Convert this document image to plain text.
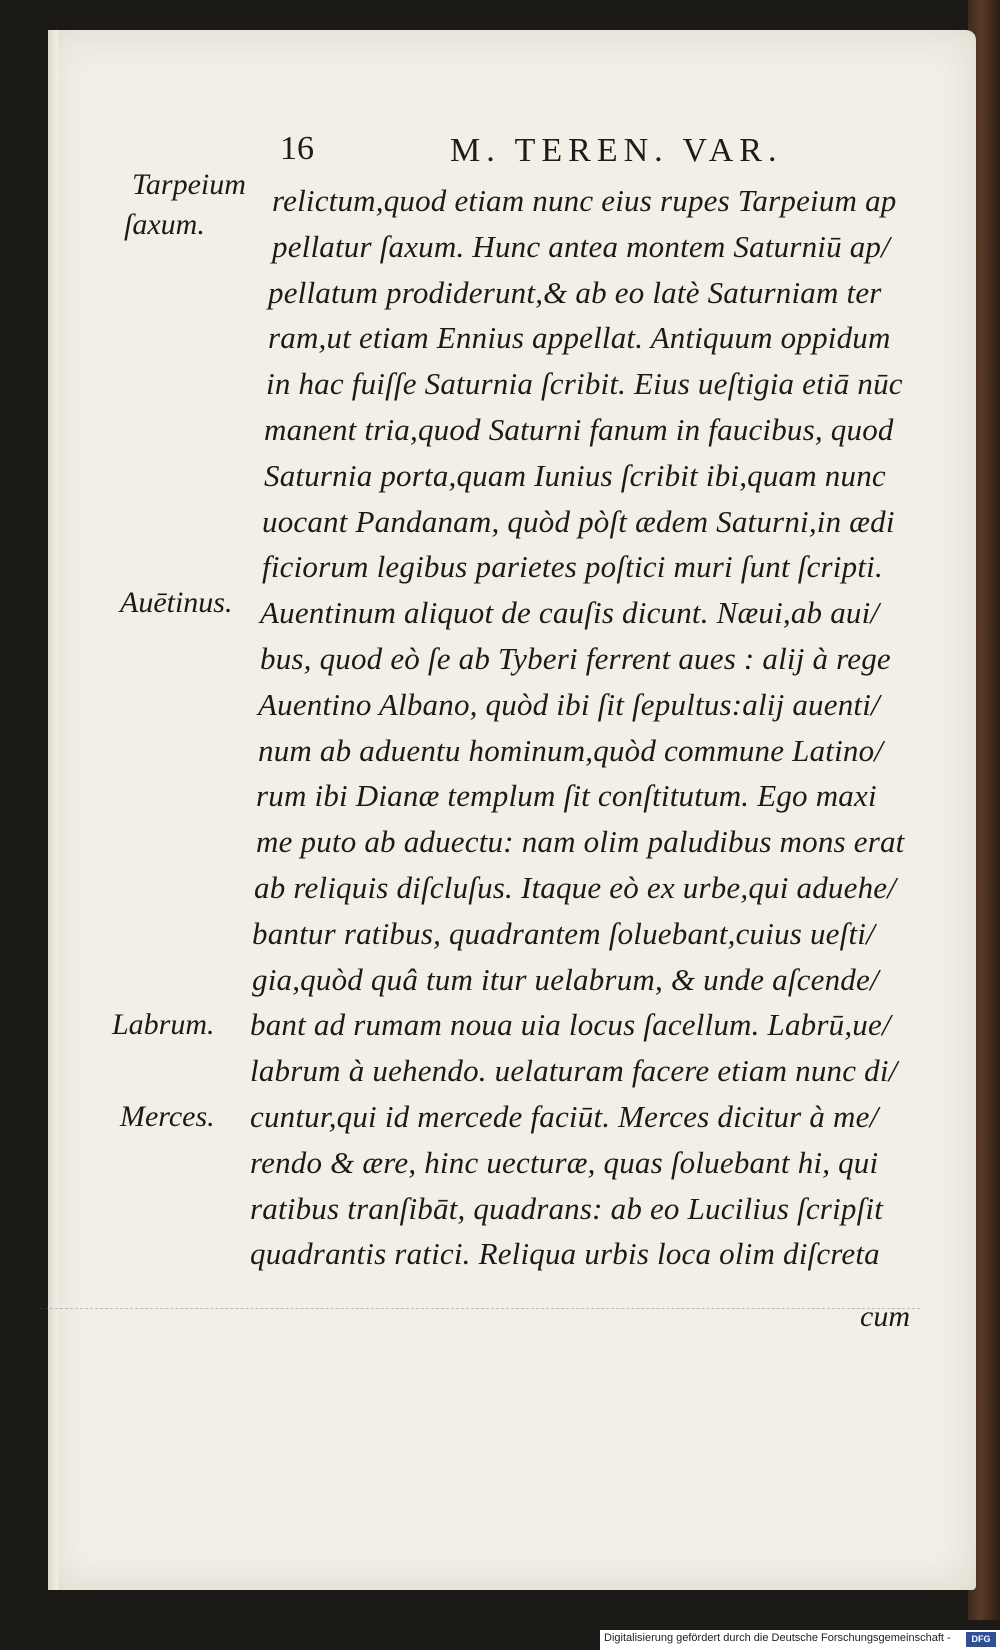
16	M. TEREN. VAR.
Tarpeium
ſaxum.
Auētinus.
Labrum.
Merces.
relictum,quod etiam nunc eius rupes Tarpeium ap
pellatur ſaxum. Hunc antea montem Saturniū ap/
pellatum prodiderunt,& ab eo latè Saturniam ter
ram,ut etiam Ennius appellat. Antiquum oppidum
in hac fuiſſe Saturnia ſcribit. Eius ueſtigia etiā nūc
manent tria,quod Saturni fanum in faucibus, quod
Saturnia porta,quam Iunius ſcribit ibi,quam nunc
uocant Pandanam, quòd pòſt ædem Saturni,in ædi
ficiorum legibus parietes poſtici muri ſunt ſcripti.
Auentinum aliquot de cauſis dicunt. Næui,ab aui/
bus, quod eò ſe ab Tyberi ferrent aues : alij à rege
Auentino Albano, quòd ibi ſit ſepultus:alij auenti/
num ab aduentu hominum,quòd commune Latino/
rum ibi Dianæ templum ſit conſtitutum. Ego maxi
me puto ab aduectu: nam olim paludibus mons erat
ab reliquis diſcluſus. Itaque eò ex urbe,qui aduehe/
bantur ratibus, quadrantem ſoluebant,cuius ueſti/
gia,quòd quâ tum itur uelabrum, & unde aſcende/
bant ad rumam noua uia locus ſacellum. Labrū,ue/
labrum à uehendo. uelaturam facere etiam nunc di/
cuntur,qui id mercede faciūt. Merces dicitur à me/
rendo & ære, hinc uecturæ, quas ſoluebant hi, qui
ratibus tranſibāt, quadrans: ab eo Lucilius ſcripſit
quadrantis ratici. Reliqua urbis loca olim diſcreta
cum
Digitalisierung gefördert durch die Deutsche Forschungsgemeinschaft -	DFG
